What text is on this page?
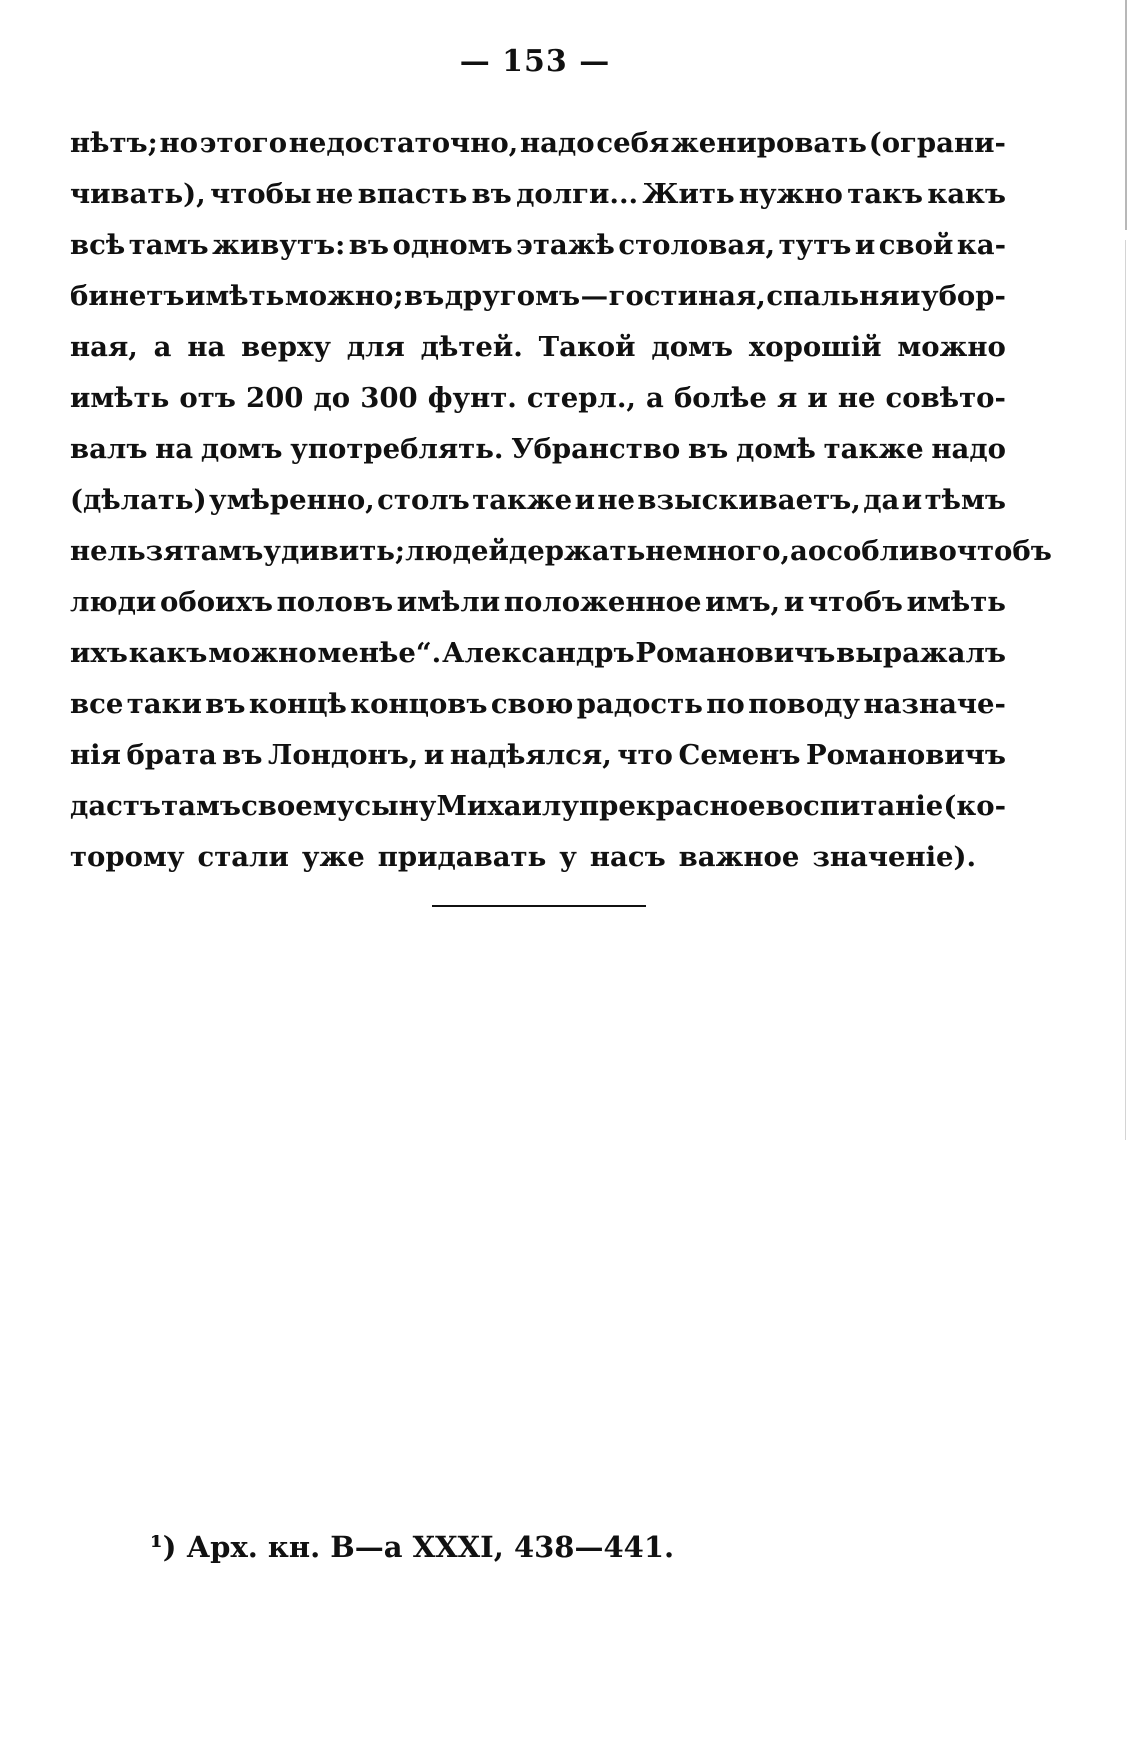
— 153 —
нѣтъ; но этого недостаточно, надо себя женировать (ограни-
чивать), чтобы не впасть въ долги... Жить нужно такъ какъ
всѣ тамъ живутъ: въ одномъ этажѣ столовая, тутъ и свой ка-
бинетъ имѣть можно; въ другомъ — гостиная, спальня и убор-
ная, а на верху для дѣтей. Такой домъ хорошій можно
имѣть отъ 200 до 300 фунт. стерл., а болѣе я и не совѣто-
валъ на домъ употреблять. Убранство въ домѣ также надо
(дѣлать) умѣренно, столъ также и не взыскиваетъ, да и тѣмъ
нельзя тамъ удивить; людей держать немного, а особливо чтобъ
люди обоихъ половъ имѣли положенное имъ, и чтобъ имѣть
ихъ какъ можно менѣе“. Александръ Романовичъ выражалъ
все таки въ концѣ концовъ свою радость по поводу назначе-
нія брата въ Лондонъ, и надѣялся, что Семенъ Романовичъ
дастъ тамъ своему сыну Михаилу прекрасное воспитаніе (ко-
торому стали уже придавать у насъ важное значеніе).
¹) Арх. кн. В—а XXXI, 438—441.
